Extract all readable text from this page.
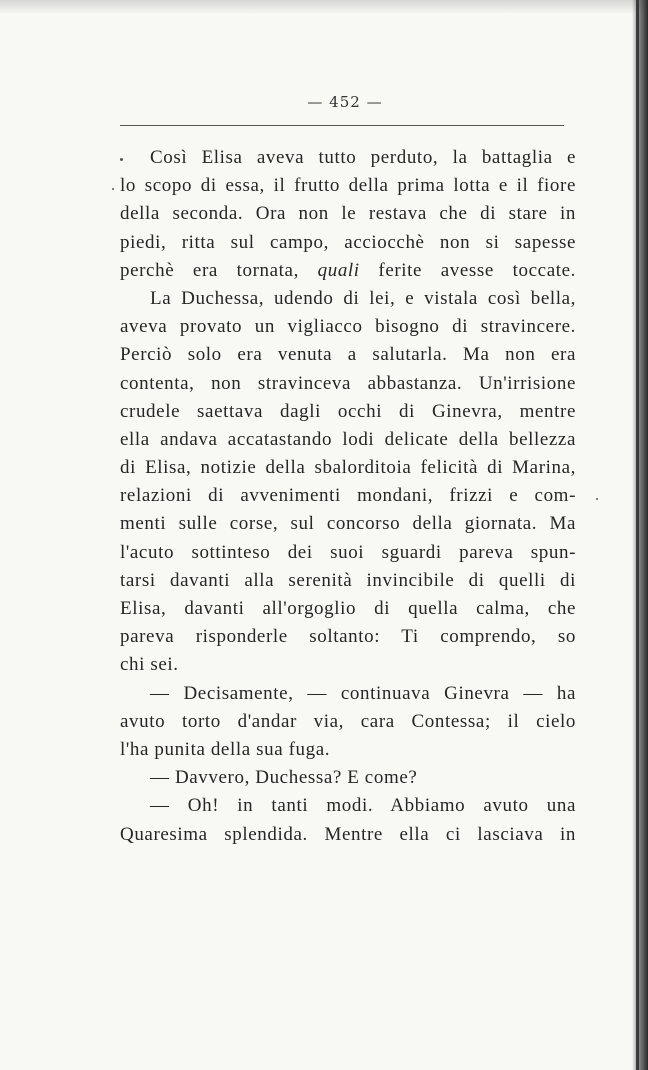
— 452 —
Così Elisa aveva tutto perduto, la battaglia e
lo scopo di essa, il frutto della prima lotta e il fiore
della seconda. Ora non le restava che di stare in
piedi, ritta sul campo, acciocchè non si sapesse
perchè era tornata, quali ferite avesse toccate.
La Duchessa, udendo di lei, e vistala così bella,
aveva provato un vigliacco bisogno di stravincere.
Perciò solo era venuta a salutarla. Ma non era
contenta, non stravinceva abbastanza. Un'irrisione
crudele saettava dagli occhi di Ginevra, mentre
ella andava accatastando lodi delicate della bellezza
di Elisa, notizie della sbalorditoia felicità di Marina,
relazioni di avvenimenti mondani, frizzi e com-
menti sulle corse, sul concorso della giornata. Ma
l'acuto sottinteso dei suoi sguardi pareva spun-
tarsi davanti alla serenità invincibile di quelli di
Elisa, davanti all'orgoglio di quella calma, che
pareva risponderle soltanto: Ti comprendo, so
chi sei.
— Decisamente, — continuava Ginevra — ha
avuto torto d'andar via, cara Contessa; il cielo
l'ha punita della sua fuga.
— Davvero, Duchessa? E come?
— Oh! in tanti modi. Abbiamo avuto una
Quaresima splendida. Mentre ella ci lasciava in
